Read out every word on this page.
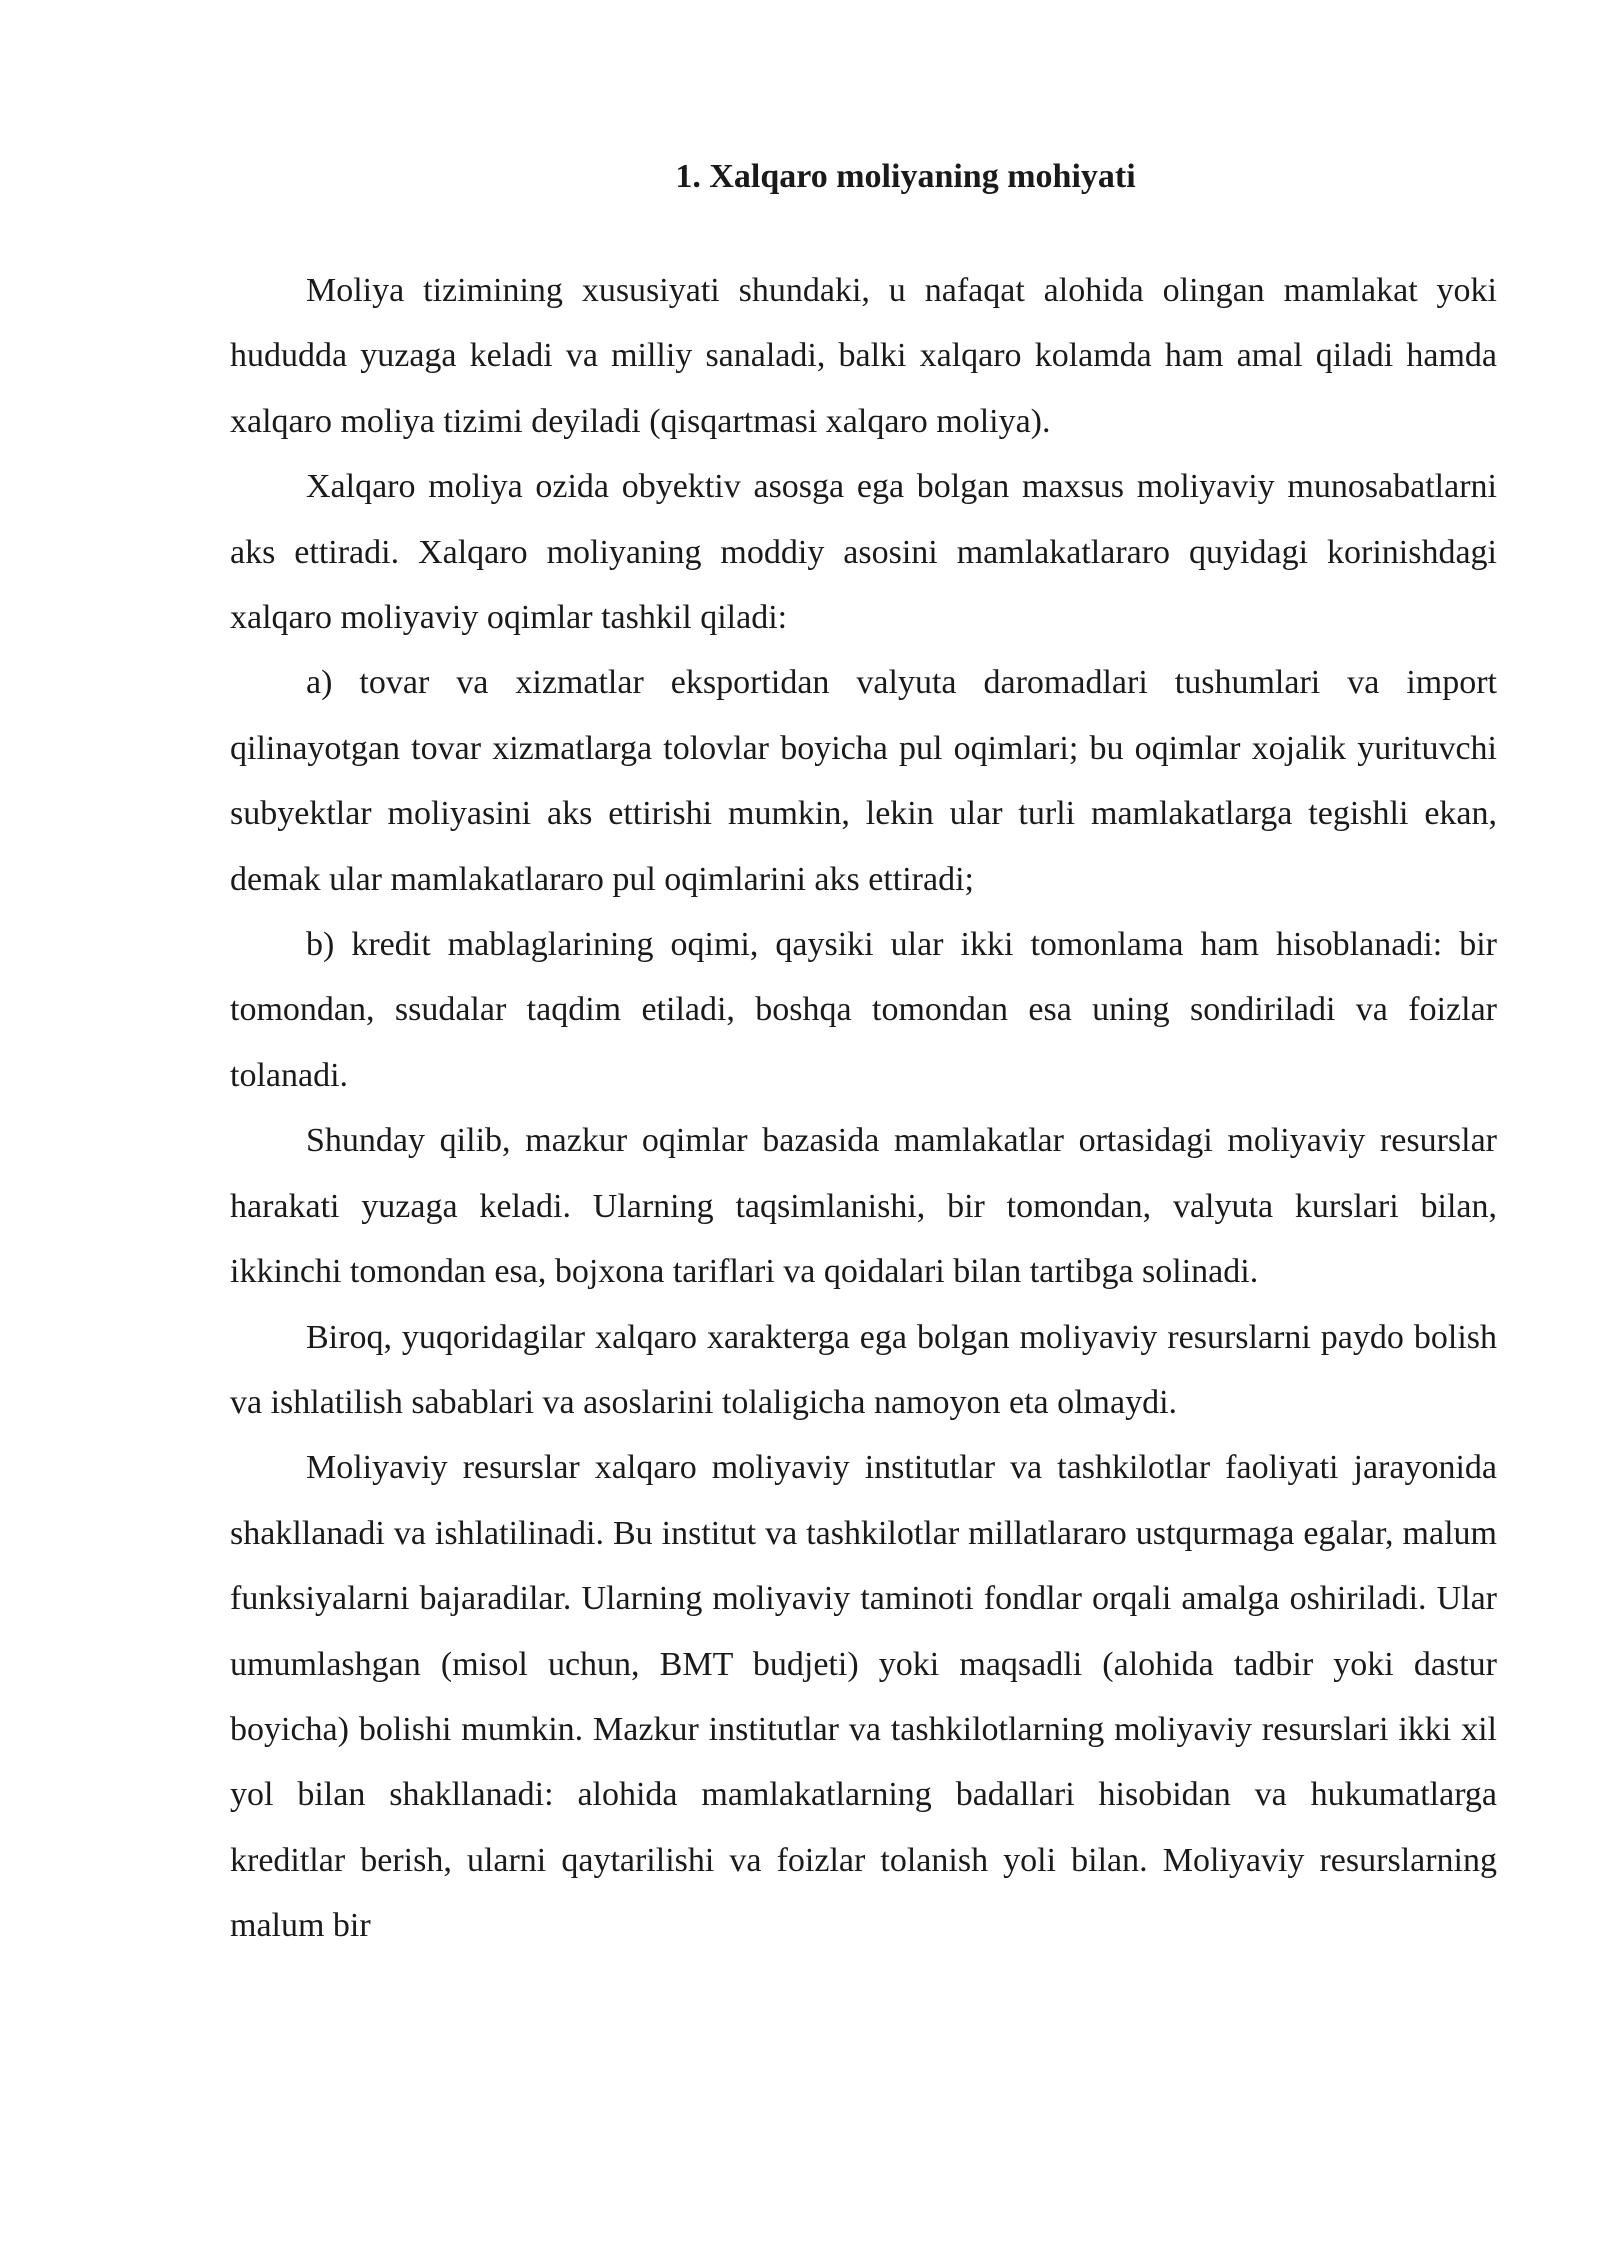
1. Xalqaro moliyaning mohiyati

Moliya tizimining xususiyati shundaki, u nafaqat alohida olingan mamlakat yoki hududda yuzaga keladi va milliy sanaladi, balki xalqaro kolamda ham amal qiladi hamda xalqaro moliya tizimi deyiladi (qisqartmasi xalqaro moliya).

Xalqaro moliya ozida obyektiv asosga ega bolgan maxsus moliyaviy munosabatlarni aks ettiradi. Xalqaro moliyaning moddiy asosini mamlakatlararo quyidagi korinishdagi xalqaro moliyaviy oqimlar tashkil qiladi:

a) tovar va xizmatlar eksportidan valyuta daromadlari tushumlari va import qilinayotgan tovar xizmatlarga tolovlar boyicha pul oqimlari; bu oqimlar xojalik yurituvchi subyektlar moliyasini aks ettirishi mumkin, lekin ular turli mamlakatlarga tegishli ekan, demak ular mamlakatlararo pul oqimlarini aks ettiradi;

b) kredit mablaglarining oqimi, qaysiki ular ikki tomonlama ham hisoblanadi: bir tomondan, ssudalar taqdim etiladi, boshqa tomondan esa uning sondiriladi va foizlar tolanadi.

Shunday qilib, mazkur oqimlar bazasida mamlakatlar ortasidagi moliyaviy resurslar harakati yuzaga keladi. Ularning taqsimlanishi, bir tomondan, valyuta kurslari bilan, ikkinchi tomondan esa, bojxona tariflari va qoidalari bilan tartibga solinadi.

Biroq, yuqoridagilar xalqaro xarakterga ega bolgan moliyaviy resurslarni paydo bolish va ishlatilish sabablari va asoslarini tolaligicha namoyon eta olmaydi.

Moliyaviy resurslar xalqaro moliyaviy institutlar va tashkilotlar faoliyati jarayonida shakllanadi va ishlatilinadi. Bu institut va tashkilotlar millatlararo ustqurmaga egalar, malum funksiyalarni bajaradilar. Ularning moliyaviy taminoti fondlar orqali amalga oshiriladi. Ular umumlashgan (misol uchun, BMT budjeti) yoki maqsadli (alohida tadbir yoki dastur boyicha) bolishi mumkin. Mazkur institutlar va tashkilotlarning moliyaviy resurslari ikki xil yol bilan shakllanadi: alohida mamlakatlarning badallari hisobidan va hukumatlarga kreditlar berish, ularni qaytarilishi va foizlar tolanish yoli bilan. Moliyaviy resurslarning malum bir
